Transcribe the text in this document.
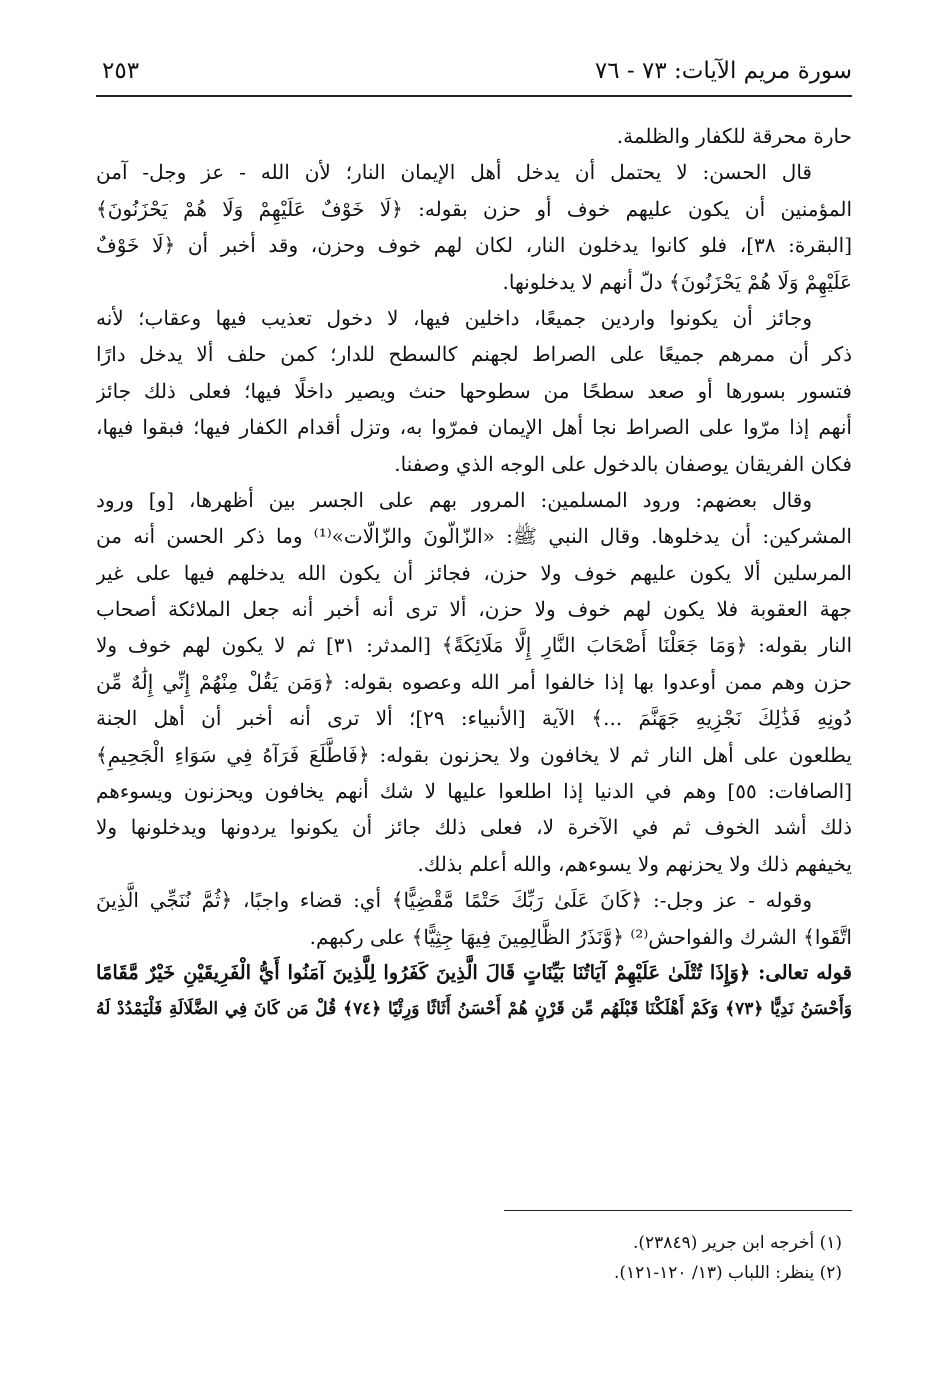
سورة مريم الآيات: ٧٣ - ٧٦
٢٥٣
حارة محرقة للكفار والظلمة.
قال الحسن: لا يحتمل أن يدخل أهل الإيمان النار؛ لأن الله - عز وجل- آمن
المؤمنين أن يكون عليهم خوف أو حزن بقوله: ﴿لَا خَوْفٌ عَلَيْهِمْ وَلَا هُمْ يَحْزَنُونَ﴾
[البقرة: ٣٨]، فلو كانوا يدخلون النار، لكان لهم خوف وحزن، وقد أخبر أن ﴿لَا خَوْفٌ
عَلَيْهِمْ وَلَا هُمْ يَحْزَنُونَ﴾ دلّ أنهم لا يدخلونها.
وجائز أن يكونوا واردين جميعًا، داخلين فيها، لا دخول تعذيب فيها وعقاب؛ لأنه
ذكر أن ممرهم جميعًا على الصراط لجهنم كالسطح للدار؛ كمن حلف ألا يدخل دارًا
فتسور بسورها أو صعد سطحًا من سطوحها حنث ويصير داخلًا فيها؛ فعلى ذلك جائز
أنهم إذا مرّوا على الصراط نجا أهل الإيمان فمرّوا به، وتزل أقدام الكفار فيها؛ فبقوا فيها،
فكان الفريقان يوصفان بالدخول على الوجه الذي وصفنا.
وقال بعضهم: ورود المسلمين: المرور بهم على الجسر بين أظهرها، [و] ورود
المشركين: أن يدخلوها. وقال النبي ﷺ: «الزّالّونَ والزّالّات»⁽¹⁾ وما ذكر الحسن أنه من
المرسلين ألا يكون عليهم خوف ولا حزن، فجائز أن يكون الله يدخلهم فيها على غير
جهة العقوبة فلا يكون لهم خوف ولا حزن، ألا ترى أنه أخبر أنه جعل الملائكة أصحاب
النار بقوله: ﴿وَمَا جَعَلْنَا أَصْحَابَ النَّارِ إِلَّا مَلَائِكَةً﴾ [المدثر: ٣١] ثم لا يكون لهم خوف ولا
حزن وهم ممن أوعدوا بها إذا خالفوا أمر الله وعصوه بقوله: ﴿وَمَن يَقُلْ مِنْهُمْ إِنِّي إِلَٰهٌ مِّن
دُونِهِ فَذَٰلِكَ نَجْزِيهِ جَهَنَّمَ ...﴾ الآية [الأنبياء: ٢٩]؛ ألا ترى أنه أخبر أن أهل الجنة
يطلعون على أهل النار ثم لا يخافون ولا يحزنون بقوله: ﴿فَاطَّلَعَ فَرَآهُ فِي سَوَاءِ الْجَحِيمِ﴾
[الصافات: ٥٥] وهم في الدنيا إذا اطلعوا عليها لا شك أنهم يخافون ويحزنون ويسوءهم
ذلك أشد الخوف ثم في الآخرة لا، فعلى ذلك جائز أن يكونوا يردونها ويدخلونها ولا
يخيفهم ذلك ولا يحزنهم ولا يسوءهم، والله أعلم بذلك.
وقوله - عز وجل-: ﴿كَانَ عَلَىٰ رَبِّكَ حَتْمًا مَّقْضِيًّا﴾ أي: قضاء واجبًا، ﴿ثُمَّ نُنَجِّي الَّذِينَ
اتَّقَوا﴾ الشرك والفواحش⁽²⁾ ﴿وَّنَذَرُ الظَّالِمِينَ فِيهَا جِثِيًّا﴾ على ركبهم.
قوله تعالى: ﴿وَإِذَا تُتْلَىٰ عَلَيْهِمْ آيَاتُنَا بَيِّنَاتٍ قَالَ الَّذِينَ كَفَرُوا لِلَّذِينَ آمَنُوا أَيُّ الْفَرِيقَيْنِ خَيْرٌ مَّقَامًا
وَأَحْسَنُ نَدِيًّا ﴿٧٣﴾ وَكَمْ أَهْلَكْنَا قَبْلَهُم مِّن قَرْنٍ هُمْ أَحْسَنُ أَثَاثًا وَرِئْيًا ﴿٧٤﴾ قُلْ مَن كَانَ فِي الضَّلَالَةِ فَلْيَمْدُدْ لَهُ
(١) أخرجه ابن جرير (٢٣٨٤٩).
(٢) ينظر: اللباب (١٣/ ١٢٠-١٢١).
